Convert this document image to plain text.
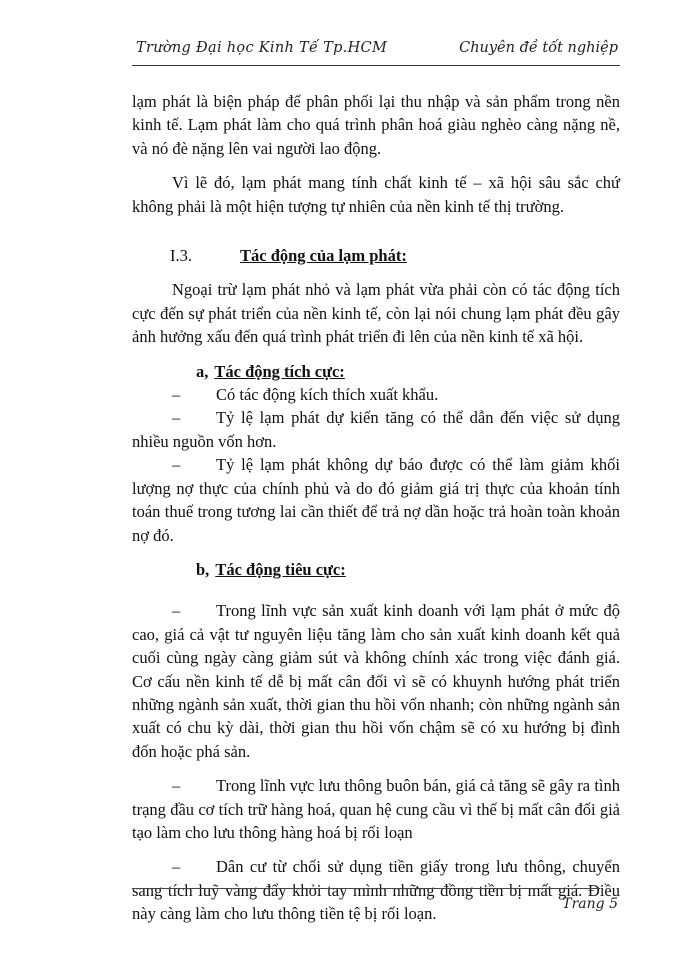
Trường Đại học Kinh Tế Tp.HCM	Chuyên đề tốt nghiệp

lạm phát là biện pháp để phân phối lại thu nhập và sản phẩm trong nền kinh tế. Lạm phát làm cho quá trình phân hoá giàu nghèo càng nặng nề, và nó đè nặng lên vai người lao động.

Vì lẽ đó, lạm phát mang tính chất kinh tế – xã hội sâu sắc chứ không phải là một hiện tượng tự nhiên của nền kinh tế thị trường.

I.3.	Tác động của lạm phát:

Ngoại trừ lạm phát nhỏ và lạm phát vừa phải còn có tác động tích cực đến sự phát triển của nền kinh tế, còn lại nói chung lạm phát đều gây ảnh hưởng xấu đến quá trình phát triển đi lên của nền kinh tế xã hội.

a, Tác động tích cực:

– Có tác động kích thích xuất khẩu.

– Tỷ lệ lạm phát dự kiến tăng có thể dẫn đến việc sử dụng nhiều nguồn vốn hơn.

– Tỷ lệ lạm phát không dự báo được có thể làm giảm khối lượng nợ thực của chính phủ và do đó giảm giá trị thực của khoản tính toán thuế trong tương lai cần thiết để trả nợ dần hoặc trả hoàn toàn khoản nợ đó.

b, Tác động tiêu cực:

– Trong lĩnh vực sản xuất kinh doanh với lạm phát ở mức độ cao, giá cả vật tư nguyên liệu tăng làm cho sản xuất kinh doanh kết quả cuối cùng ngày càng giảm sút và không chính xác trong việc đánh giá. Cơ cấu nền kinh tế dễ bị mất cân đối vì sẽ có khuynh hướng phát triển những ngành sản xuất, thời gian thu hồi vốn nhanh; còn những ngành sản xuất có chu kỳ dài, thời gian thu hồi vốn chậm sẽ có xu hướng bị đình đốn hoặc phá sản.

– Trong lĩnh vực lưu thông buôn bán, giá cả tăng sẽ gây ra tình trạng đầu cơ tích trữ hàng hoá, quan hệ cung cầu vì thế bị mất cân đối giả tạo làm cho lưu thông hàng hoá bị rối loạn

– Dân cư từ chối sử dụng tiền giấy trong lưu thông, chuyển sang tích luỹ vàng đẩy khỏi tay mình những đồng tiền bị mất giá. Điều này càng làm cho lưu thông tiền tệ bị rối loạn.

Trang 5
